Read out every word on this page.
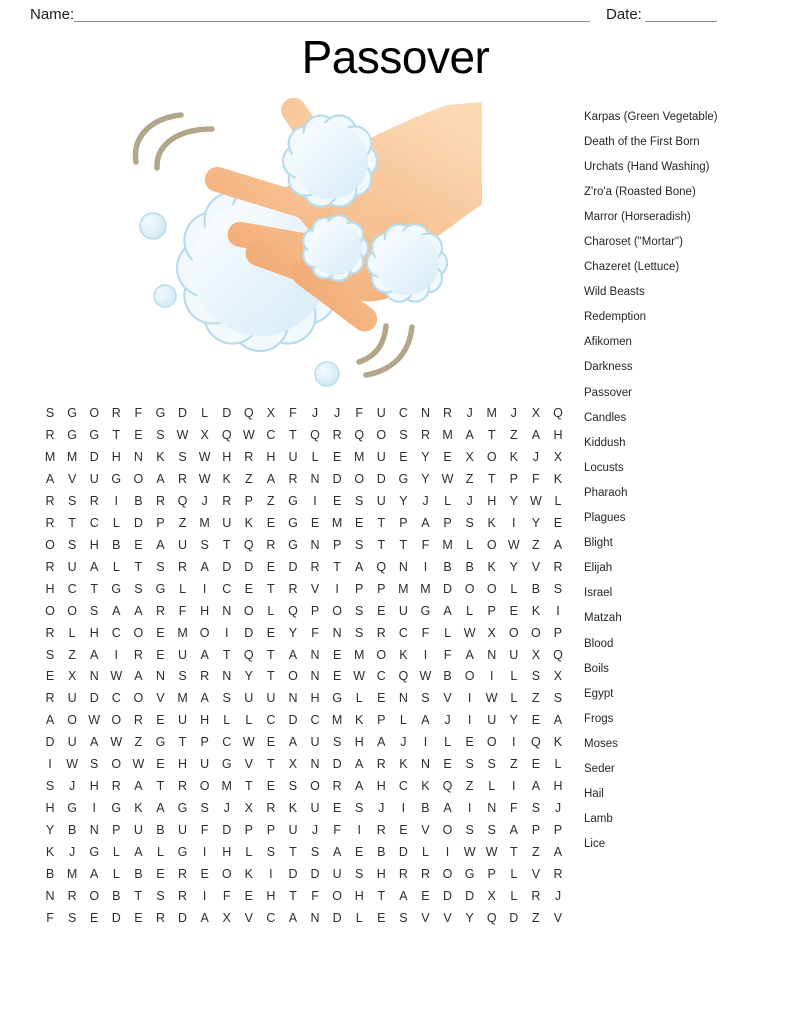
Name:	Date:
Passover
S	G O	R	F	G	D	L	D	Q	X	F	J	J	F	U	C	N	R	J	M	J	X	Q
R	G G	T	E	S W X	Q W C	T	Q	R	Q O	S	R M	A	T	Z	A	H
M M D	H	N	K	S W H	R	H	U	L	E	M U	E	Y	E	X	O	K	J	X
A	V	U	G O	A	R W K	Z	A	R	N	D	O	D	G	Y W Z	T	P	F	K
R	S	R	I	B	R	Q	J	R	P	Z	G	I	E	S	U	Y	J	L	J	H	Y W	L
R	T	C	L	D	P	Z	M U	K	E	G	E	M	E	T	P	A	P	S	K	I	Y	E
O	S	H	B	E	A	U	S	T	Q	R	G	N	P	S	T	T	F	M	L	O W Z	A
R	U	A	L	T	S	R	A	D	D	E	D	R	T	A	Q	N	I	B	B	K	Y	V	R
H	C	T	G	S	G	L	I	C	E	T	R	V	I	P	P	M M D	O O	L	B	S
O O	S	A	A	R	F	H	N	O	L	Q	P	O	S	E	U	G	A	L	P	E	K	I
R	L	H	C	O	E	M O	I	D	E	Y	F	N	S	R	C	F	L	W X	O O	P
S	Z	A	I	R	E	U	A	T	Q	T	A	N	E	M O	K	I	F	A	N	U	X	Q
E	X	N W A	N	S	R	N	Y	T	O	N	E W C	Q W B	O	I	L	S	X
R	U	D	C	O	V	M	A	S	U	U	N	H	G	L	E	N	S	V	I	W	L	Z	S
A	O W O	R	E	U	H	L	L	C	D	C M	K	P	L	A	J	I	U	Y	E	A
D	U	A W Z	G	T	P	C W E	A	U	S	H	A	J	I	L	E	O	I	Q	K
I	W S	O W E	H	U	G	V	T	X	N	D	A	R	K	N	E	S	S	Z	E	L
S	J	H	R	A	T	R	O M	T	E	S	O	R	A	H	C	K	Q	Z	L	I	A	H
H	G	I	G	K	A	G	S	J	X	R	K	U	E	S	J	I	B	A	I	N	F	S	J
Y	B	N	P	U	B	U	F	D	P	P	U	J	F	I	R	E	V	O	S	S	A	P	P
K	J	G	L	A	L	G	I	H	L	S	T	S	A	E	B	D	L	I	W W T	Z	A
B	M	A	L	B	E	R	E	O	K	I	D	D	U	S	H	R	R	O G	P	L	V	R
N	R	O	B	T	S	R	I	F	E	H	T	F	O	H	T	A	E	D	D	X	L	R	J
F	S	E	D	E	R	D	A	X	V	C	A	N	D	L	E	S	V	V	Y	Q	D	Z	V
Karpas (Green Vegetable)
Death of the First Born
Urchats (Hand Washing)
Z'ro'a (Roasted Bone)
Marror (Horseradish)
Charoset ("Mortar")
Chazeret (Lettuce)
Wild Beasts
Redemption
Afikomen
Darkness
Passover
Candles
Kiddush
Locusts
Pharaoh
Plagues
Blight
Elijah
Israel
Matzah
Blood
Boils
Egypt
Frogs
Moses
Seder
Hail
Lamb
Lice
